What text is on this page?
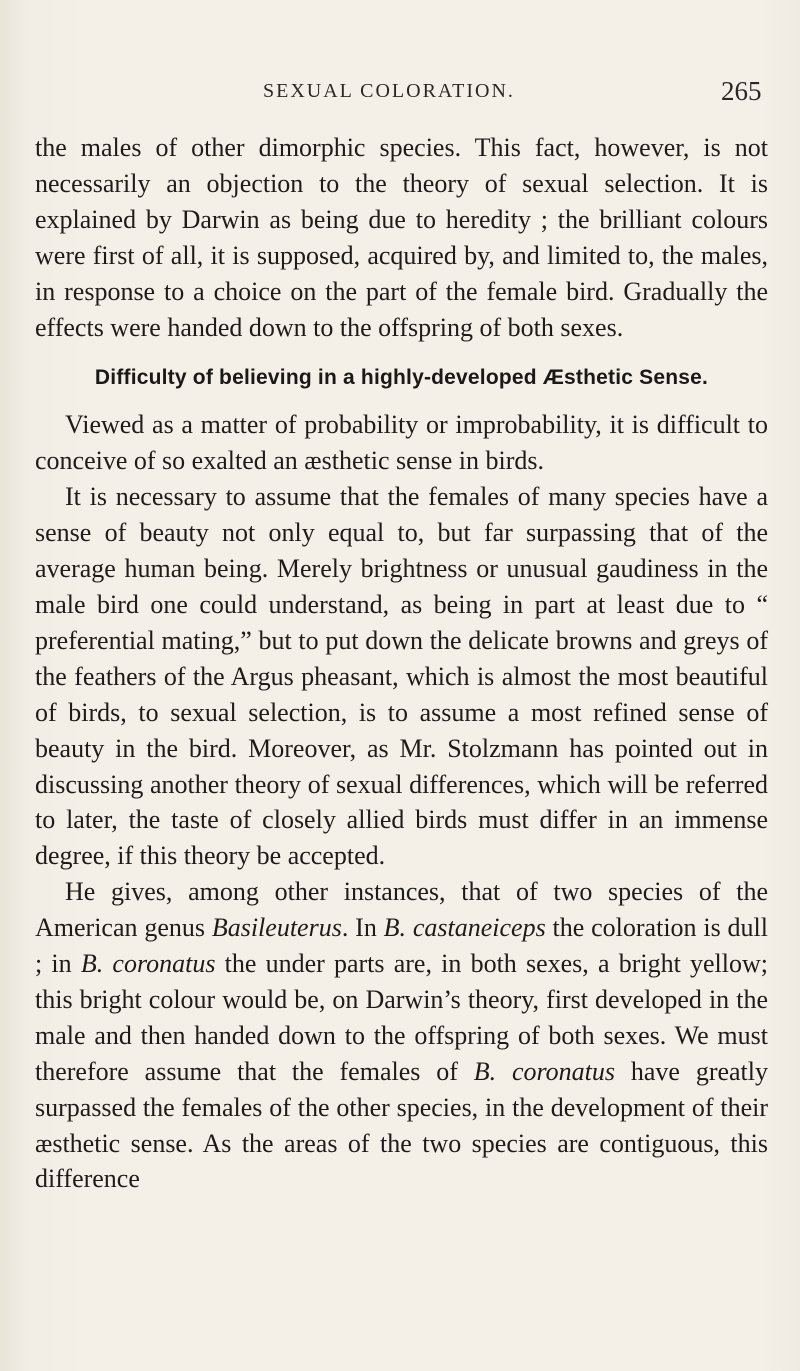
SEXUAL COLORATION.	265

the males of other dimorphic species. This fact, however, is not necessarily an objection to the theory of sexual selection. It is explained by Darwin as being due to heredity ; the brilliant colours were first of all, it is supposed, acquired by, and limited to, the males, in response to a choice on the part of the female bird. Gradually the effects were handed down to the offspring of both sexes.

Difficulty of believing in a highly-developed Æsthetic Sense.

Viewed as a matter of probability or improbability, it is difficult to conceive of so exalted an æsthetic sense in birds.

It is necessary to assume that the females of many species have a sense of beauty not only equal to, but far surpassing that of the average human being. Merely brightness or unusual gaudiness in the male bird one could understand, as being in part at least due to “ preferential mating,” but to put down the delicate browns and greys of the feathers of the Argus pheasant, which is almost the most beautiful of birds, to sexual selection, is to assume a most refined sense of beauty in the bird. Moreover, as Mr. Stolzmann has pointed out in discussing another theory of sexual differences, which will be referred to later, the taste of closely allied birds must differ in an immense degree, if this theory be accepted.

He gives, among other instances, that of two species of the American genus Basileuterus. In B. castaneiceps the coloration is dull ; in B. coronatus the under parts are, in both sexes, a bright yellow; this bright colour would be, on Darwin’s theory, first developed in the male and then handed down to the offspring of both sexes. We must therefore assume that the females of B. coronatus have greatly surpassed the females of the other species, in the development of their æsthetic sense. As the areas of the two species are contiguous, this difference
